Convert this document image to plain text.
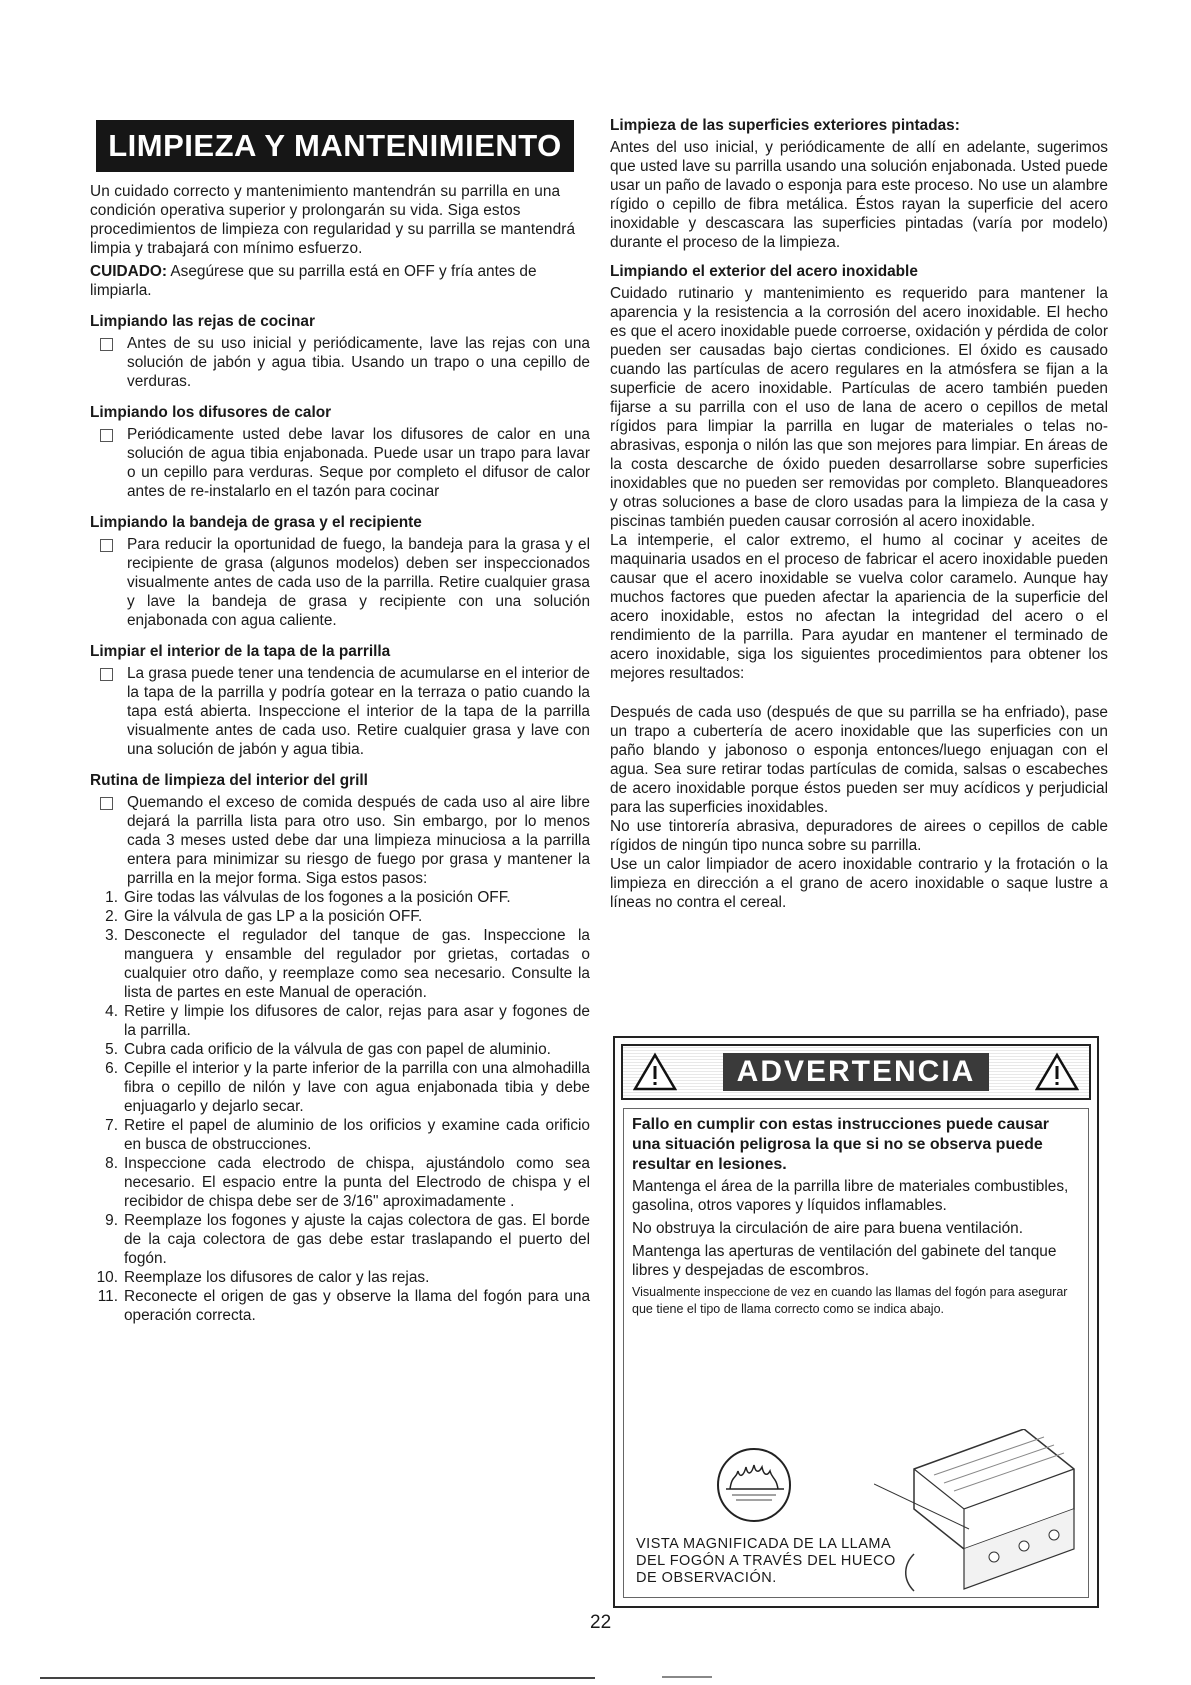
LIMPIEZA Y MANTENIMIENTO

Un cuidado correcto y mantenimiento mantendrán su parrilla en una condición operativa superior y prolongarán su vida. Siga estos procedimientos de limpieza con regularidad y su parrilla se mantendrá limpia y trabajará con mínimo esfuerzo.

CUIDADO: Asegúrese que su parrilla está en OFF y fría antes de limpiarla.

Limpiando las rejas de cocinar

Antes de su uso inicial y periódicamente, lave las rejas con una solución de jabón y agua tibia. Usando un trapo o una cepillo de verduras.

Limpiando los difusores de calor

Periódicamente usted debe lavar los difusores de calor en una solución de agua tibia enjabonada. Puede usar un trapo para lavar o un cepillo para verduras. Seque por completo el difusor de calor antes de re-instalarlo en el tazón para cocinar

Limpiando la bandeja de grasa y el recipiente

Para reducir la oportunidad de fuego, la bandeja para la grasa y el recipiente de grasa (algunos modelos) deben ser inspeccionados visualmente antes de cada uso de la parrilla. Retire cualquier grasa y lave la bandeja de grasa y recipiente con una solución enjabonada con agua caliente.

Limpiar el interior de la tapa de la parrilla

La grasa puede tener una tendencia de acumularse en el interior de la tapa de la parrilla y podría gotear en la terraza o patio cuando la tapa está abierta. Inspeccione el interior de la tapa de la parrilla visualmente antes de cada uso. Retire cualquier grasa y lave con una solución de jabón y agua tibia.

Rutina de limpieza del interior del grill

Quemando el exceso de comida después de cada uso al aire libre dejará la parrilla lista para otro uso. Sin embargo, por lo menos cada 3 meses usted debe dar una limpieza minuciosa a la parrilla entera para minimizar su riesgo de fuego por grasa y mantener la parrilla en la mejor forma. Siga estos pasos:

1. Gire todas las válvulas de los fogones a la posición OFF.
2. Gire la válvula de gas LP a la posición OFF.
3. Desconecte el regulador del tanque de gas. Inspeccione la manguera y ensamble del regulador por grietas, cortadas o cualquier otro daño, y reemplaze como sea necesario. Consulte la lista de partes en este Manual de operación.
4. Retire y limpie los difusores de calor, rejas para asar y fogones de la parrilla.
5. Cubra cada orificio de la válvula de gas con papel de aluminio.
6. Cepille el interior y la parte inferior de la parrilla con una almohadilla fibra o cepillo de nilón y lave con agua enjabonada tibia y debe enjuagarlo y dejarlo secar.
7. Retire el papel de aluminio de los orificios y examine cada orificio en busca de obstrucciones.
8. Inspeccione cada electrodo de chispa, ajustándolo como sea necesario. El espacio entre la punta del Electrodo de chispa y el recibidor de chispa debe ser de 3/16" aproximadamente .
9. Reemplaze los fogones y ajuste la cajas colectora de gas. El borde de la caja colectora de gas debe estar traslapando el puerto del fogón.
10. Reemplaze los difusores de calor y las rejas.
11. Reconecte el origen de gas y observe la llama del fogón para una operación correcta.
Limpieza de las superficies exteriores pintadas:

Antes del uso inicial, y periódicamente de allí en adelante, sugerimos que usted lave su parrilla usando una solución enjabonada. Usted puede usar un paño de lavado o esponja para este proceso. No use un alambre rígido o cepillo de fibra metálica. Éstos rayan la superficie del acero inoxidable y descascara las superficies pintadas (varía por modelo) durante el proceso de la limpieza.

Limpiando el exterior del acero inoxidable

Cuidado rutinario y mantenimiento es requerido para mantener la aparencia y la resistencia a la corrosión del acero inoxidable. El hecho es que el acero inoxidable puede corroerse, oxidación y pérdida de color pueden ser causadas bajo ciertas condiciones. El óxido es causado cuando las partículas de acero regulares en la atmósfera se fijan a la superficie de acero inoxidable. Partículas de acero también pueden fijarse a su parrilla con el uso de lana de acero o cepillos de metal rígidos para limpiar la parrilla en lugar de materiales o telas no-abrasivas, esponja o nilón las que son mejores para limpiar. En áreas de la costa descarche de óxido pueden desarrollarse sobre superficies inoxidables que no pueden ser removidas por completo. Blanqueadores y otras soluciones a base de cloro usadas para la limpieza de la casa y piscinas también pueden causar corrosión al acero inoxidable.

La intemperie, el calor extremo, el humo al cocinar y aceites de maquinaria usados en el proceso de fabricar el acero inoxidable pueden causar que el acero inoxidable se vuelva color caramelo. Aunque hay muchos factores que pueden afectar la apariencia de la superficie del acero inoxidable, estos no afectan la integridad del acero o el rendimiento de la parrilla. Para ayudar en mantener el terminado de acero inoxidable, siga los siguientes procedimientos para obtener los mejores resultados:

Después de cada uso (después de que su parrilla se ha enfriado), pase un trapo a cubertería de acero inoxidable que las superficies con un paño blando y jabonoso o esponja entonces/luego enjuagan con el agua. Sea sure retirar todas partículas de comida, salsas o escabeches de acero inoxidable porque éstos pueden ser muy acídicos y perjudicial para las superficies inoxidables.

No use tintorería abrasiva, depuradores de airees o cepillos de cable rígidos de ningún tipo nunca sobre su parrilla.

Use un calor limpiador de acero inoxidable contrario y la frotación o la limpieza en dirección a el grano de acero inoxidable o saque lustre a líneas no contra el cereal.

ADVERTENCIA
Fallo en cumplir con estas instrucciones puede causar una situación peligrosa la que si no se observa puede resultar en lesiones.

Mantenga el área de la parrilla libre de materiales combustibles, gasolina, otros vapores y líquidos inflamables.

No obstruya la circulación de aire para buena ventilación.

Mantenga las aperturas de ventilación del gabinete del tanque libres y despejadas de escombros.

Visualmente inspeccione de vez en cuando las llamas del fogón para asegurar que tiene el tipo de llama correcto como se indica abajo.

VISTA MAGNIFICADA DE LA LLAMA DEL FOGÓN A TRAVÉS DEL HUECO DE OBSERVACIÓN.
22
